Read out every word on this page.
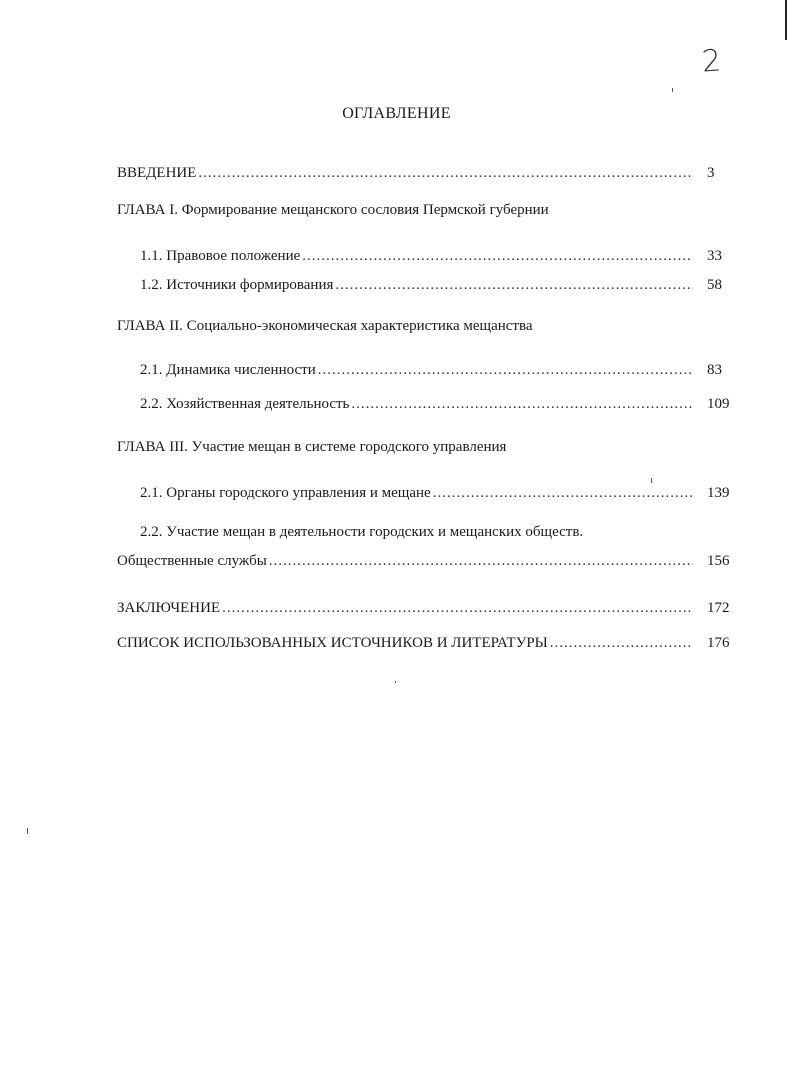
2
ОГЛАВЛЕНИЕ
ВВЕДЕНИЕ .....	3
ГЛАВА I. Формирование мещанского сословия Пермской губернии
1.1. Правовое положение .....	33
1.2. Источники формирования .....	58
ГЛАВА II. Социально-экономическая характеристика мещанства
2.1. Динамика численности .....	83
2.2. Хозяйственная деятельность .....	109
ГЛАВА III. Участие мещан в системе городского управления
2.1. Органы городского управления и мещане .....	139
2.2. Участие мещан в деятельности городских и мещанских обществ.
Общественные службы .....	156
ЗАКЛЮЧЕНИЕ .....	172
СПИСОК ИСПОЛЬЗОВАННЫХ ИСТОЧНИКОВ И ЛИТЕРАТУРЫ .....	176
